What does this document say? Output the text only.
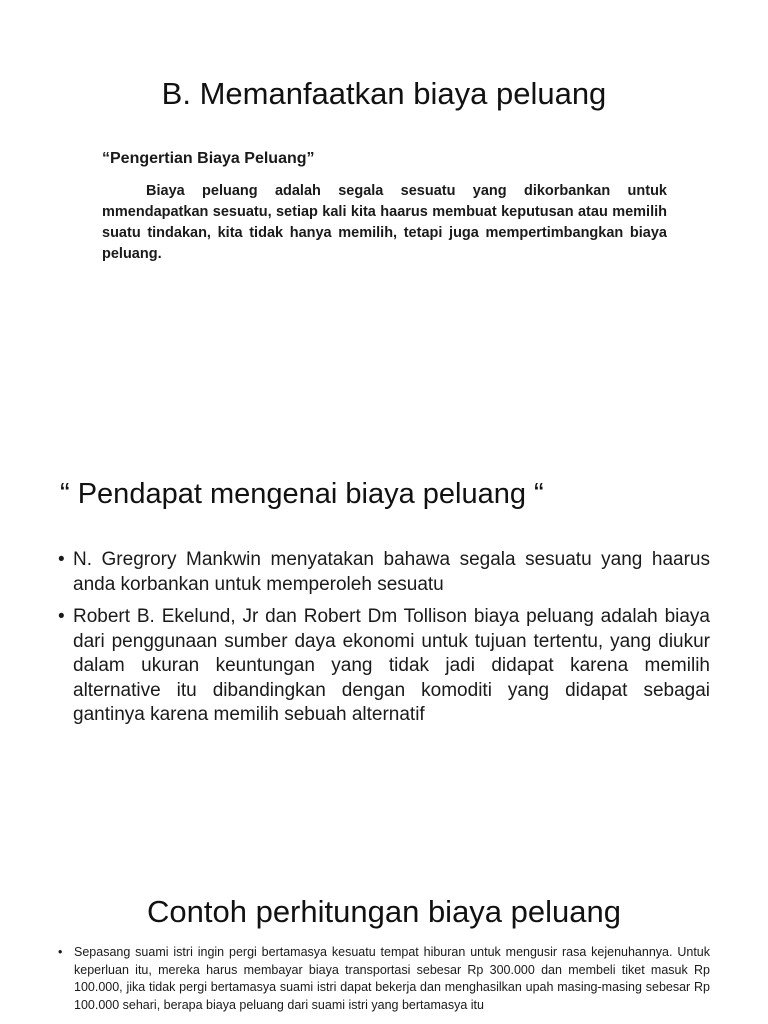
B. Memanfaatkan biaya peluang

“Pengertian Biaya Peluang”

Biaya peluang adalah segala sesuatu yang dikorbankan untuk mmendapatkan sesuatu, setiap kali kita haarus membuat keputusan atau memilih suatu tindakan, kita tidak hanya memilih, tetapi juga mempertimbangkan biaya peluang.

“ Pendapat mengenai biaya peluang “
• N. Gregrory Mankwin menyatakan bahawa segala sesuatu yang haarus anda korbankan untuk memperoleh sesuatu
• Robert B. Ekelund, Jr dan Robert Dm Tollison biaya peluang adalah biaya dari penggunaan sumber daya ekonomi untuk tujuan tertentu, yang diukur dalam ukuran keuntungan yang tidak jadi didapat karena memilih alternative itu dibandingkan dengan komoditi yang didapat sebagai gantinya karena memilih sebuah alternatif
Contoh perhitungan biaya peluang
• Sepasang suami istri ingin pergi bertamasya kesuatu tempat hiburan untuk mengusir rasa kejenuhannya. Untuk keperluan itu, mereka harus membayar biaya transportasi sebesar Rp 300.000 dan membeli tiket masuk Rp 100.000, jika tidak pergi bertamasya suami istri dapat bekerja dan menghasilkan upah masing-masing sebesar Rp 100.000 sehari, berapa biaya peluang dari suami istri yang bertamasya itu
